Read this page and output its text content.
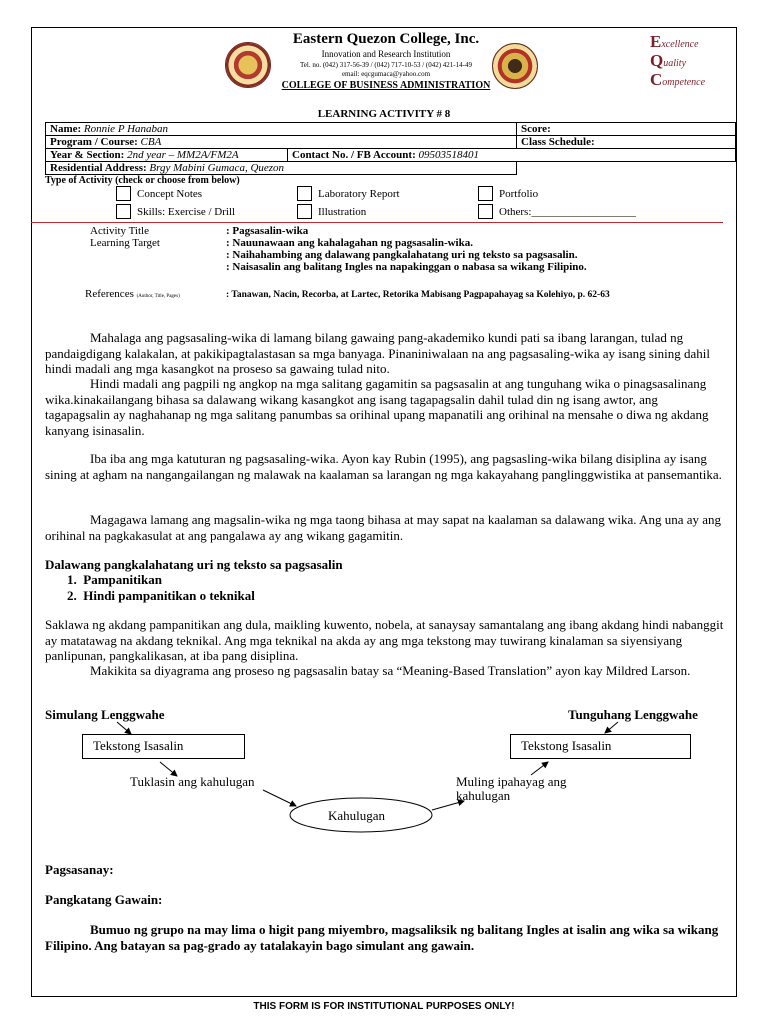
Eastern Quezon College, Inc.
Innovation and Research Institution
Tel. no. (042) 317-56-39 / (042) 717-10-53 / (042) 421-14-49
email: eqcgumaca@yahoo.com
COLLEGE OF BUSINESS ADMINISTRATION
Excellence
Quality
Competence
LEARNING ACTIVITY # 8
Name: Ronnie P Hanaban		Score:
Program / Course: CBA		Class Schedule:
Year & Section: 2nd year – MM2A/FM2A	Contact No. / FB Account: 09503518401	
Residential Address: Brgy Mabini Gumaca, Quezon		
Type of Activity (check or choose from below)
Concept Notes	Laboratory Report	Portfolio
Skills: Exercise / Drill	Illustration	Others:___________________
Activity Title	: Pagsasalin-wika
Learning Target	: Nauunawaan ang kahalagahan ng pagsasalin-wika.
: Naihahambing ang dalawang pangkalahatang uri ng teksto sa pagsasalin.
: Naisasalin ang balitang Ingles na napakinggan o nabasa sa wikang Filipino.
References (Author, Title, Pages)	: Tanawan, Nacin, Recorba, at Lartec, Retorika Mabisang Pagpapahayag sa Kolehiyo, p. 62-63
Mahalaga ang pagsasaling-wika di lamang bilang gawaing pang-akademiko kundi pati sa ibang larangan, tulad ng pandaigdigang kalakalan, at pakikipagtalastasan sa mga banyaga. Pinaniniwalaan na ang pagsasaling-wika ay isang sining dahil hindi madali ang mga kasangkot na proseso sa gawaing tulad nito.
Hindi madali ang pagpili ng angkop na mga salitang gagamitin sa pagsasalin at ang tunguhang wika o pinagsasalinang wika.kinakailangang bihasa sa dalawang wikang kasangkot ang isang tagapagsalin dahil tulad din ng isang awtor, ang tagapagsalin ay naghahanap ng mga salitang panumbas sa orihinal upang mapanatili ang orihinal na mensahe o diwa ng akdang kanyang isinasalin.
Iba iba ang mga katuturan ng pagsasaling-wika. Ayon kay Rubin (1995), ang pagsasling-wika bilang disiplina ay isang sining at agham na nangangailangan ng malawak na kaalaman sa larangan ng mga kakayahang panglinggwistika at pansemantika.
Magagawa lamang ang magsalin-wika ng mga taong bihasa at may sapat na kaalaman sa dalawang wika. Ang una ay ang orihinal na pagkakasulat at ang pangalawa ay ang wikang gagamitin.
Dalawang pangkalahatang uri ng teksto sa pagsasalin
1.  Pampanitikan
2.  Hindi pampanitikan o teknikal
Saklawa ng akdang pampanitikan ang dula, maikling kuwento, nobela, at sanaysay samantalang ang ibang akdang hindi nabanggit ay matatawag na akdang teknikal. Ang mga teknikal na akda ay ang mga tekstong may tuwirang kinalaman sa siyensiyang panlipunan, pangkalikasan, at iba pang disiplina.
Makikita sa diyagrama ang proseso ng pagsasalin batay sa “Meaning-Based Translation” ayon kay Mildred Larson.
Simulang Lenggwahe	Tunguhang Lenggwahe
Tekstong Isasalin	Tekstong Isasalin
Tuklasin ang kahulugan	Muling ipahayag ang kahulugan
Kahulugan
Pagsasanay:
Pangkatang Gawain:
Bumuo ng grupo na may lima o higit pang miyembro, magsaliksik ng balitang Ingles at isalin ang wika sa wikang Filipino. Ang batayan sa pag-grado ay tatalakayin bago simulant ang gawain.
THIS FORM IS FOR INSTITUTIONAL PURPOSES ONLY!
